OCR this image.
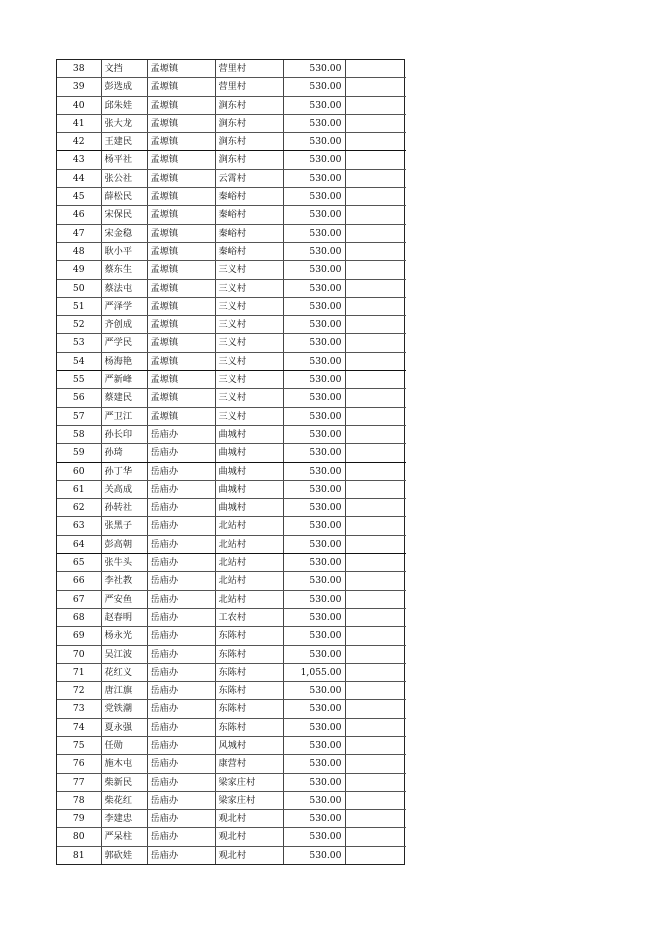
38	文挡	孟塬镇	营里村	530.00	
39	彭选成	孟塬镇	营里村	530.00	
40	邱朱娃	孟塬镇	涧东村	530.00	
41	张大龙	孟塬镇	涧东村	530.00	
42	王建民	孟塬镇	涧东村	530.00	
43	杨平社	孟塬镇	涧东村	530.00	
44	张公社	孟塬镇	云霄村	530.00	
45	薛松民	孟塬镇	秦峪村	530.00	
46	宋保民	孟塬镇	秦峪村	530.00	
47	宋金稳	孟塬镇	秦峪村	530.00	
48	耿小平	孟塬镇	秦峪村	530.00	
49	蔡东生	孟塬镇	三义村	530.00	
50	蔡法屯	孟塬镇	三义村	530.00	
51	严泽学	孟塬镇	三义村	530.00	
52	齐创成	孟塬镇	三义村	530.00	
53	严学民	孟塬镇	三义村	530.00	
54	杨海艳	孟塬镇	三义村	530.00	
55	严新峰	孟塬镇	三义村	530.00	
56	蔡建民	孟塬镇	三义村	530.00	
57	严卫江	孟塬镇	三义村	530.00	
58	孙长印	岳庙办	曲城村	530.00	
59	孙琦	岳庙办	曲城村	530.00	
60	孙丁华	岳庙办	曲城村	530.00	
61	关高成	岳庙办	曲城村	530.00	
62	孙转社	岳庙办	曲城村	530.00	
63	张黑子	岳庙办	北站村	530.00	
64	彭高朝	岳庙办	北站村	530.00	
65	张牛头	岳庙办	北站村	530.00	
66	李社教	岳庙办	北站村	530.00	
67	严安鱼	岳庙办	北站村	530.00	
68	赵春明	岳庙办	工农村	530.00	
69	杨永光	岳庙办	东陈村	530.00	
70	吴江波	岳庙办	东陈村	530.00	
71	花红义	岳庙办	东陈村	1,055.00	
72	唐江旗	岳庙办	东陈村	530.00	
73	党铁潮	岳庙办	东陈村	530.00	
74	夏永强	岳庙办	东陈村	530.00	
75	任勋	岳庙办	风城村	530.00	
76	施木屯	岳庙办	康营村	530.00	
77	柴新民	岳庙办	梁家庄村	530.00	
78	柴花红	岳庙办	梁家庄村	530.00	
79	李建忠	岳庙办	观北村	530.00	
80	严呆柱	岳庙办	观北村	530.00	
81	郭砍娃	岳庙办	观北村	530.00	
